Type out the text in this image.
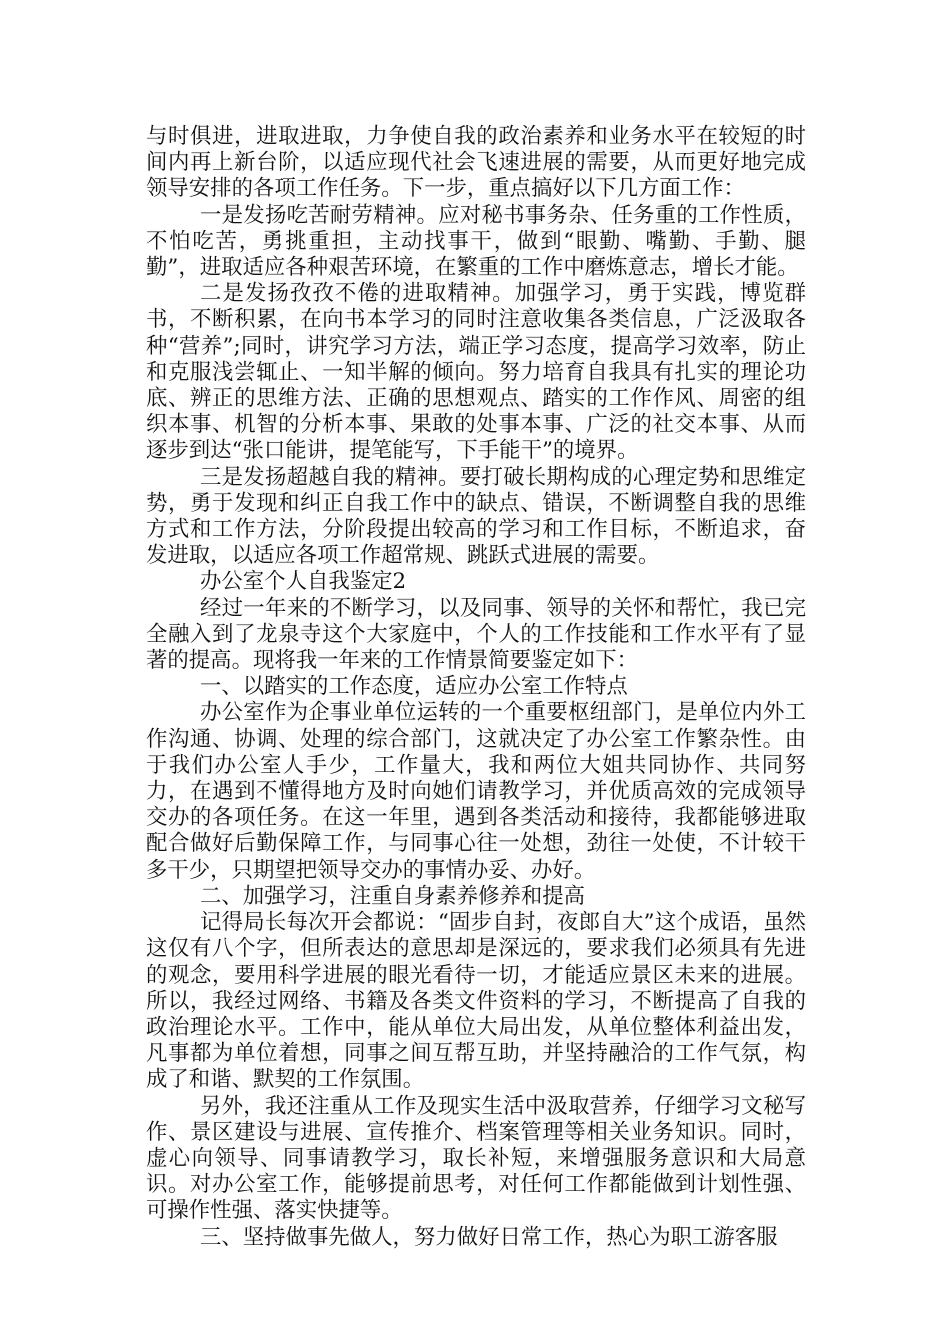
与时俱进，进取进取，力争使自我的政治素养和业务水平在较短的时间内再上新台阶，以适应现代社会飞速进展的需要，从而更好地完成领导安排的各项工作任务。下一步，重点搞好以下几方面工作：

一是发扬吃苦耐劳精神。应对秘书事务杂、任务重的工作性质，不怕吃苦，勇挑重担，主动找事干，做到“眼勤、嘴勤、手勤、腿勤”，进取适应各种艰苦环境，在繁重的工作中磨炼意志，增长才能。

二是发扬孜孜不倦的进取精神。加强学习，勇于实践，博览群书，不断积累，在向书本学习的同时注意收集各类信息，广泛汲取各种“营养”;同时，讲究学习方法，端正学习态度，提高学习效率，防止和克服浅尝辄止、一知半解的倾向。努力培育自我具有扎实的理论功底、辨正的思维方法、正确的思想观点、踏实的工作作风、周密的组织本事、机智的分析本事、果敢的处事本事、广泛的社交本事、从而逐步到达“张口能讲，提笔能写，下手能干”的境界。

三是发扬超越自我的精神。要打破长期构成的心理定势和思维定势，勇于发现和纠正自我工作中的缺点、错误，不断调整自我的思维方式和工作方法，分阶段提出较高的学习和工作目标，不断追求，奋发进取，以适应各项工作超常规、跳跃式进展的需要。

办公室个人自我鉴定2

经过一年来的不断学习，以及同事、领导的关怀和帮忙，我已完全融入到了龙泉寺这个大家庭中，个人的工作技能和工作水平有了显著的提高。现将我一年来的工作情景简要鉴定如下：

一、以踏实的工作态度，适应办公室工作特点

办公室作为企事业单位运转的一个重要枢纽部门，是单位内外工作沟通、协调、处理的综合部门，这就决定了办公室工作繁杂性。由于我们办公室人手少，工作量大，我和两位大姐共同协作、共同努力，在遇到不懂得地方及时向她们请教学习，并优质高效的完成领导交办的各项任务。在这一年里，遇到各类活动和接待，我都能够进取配合做好后勤保障工作，与同事心往一处想，劲往一处使，不计较干多干少，只期望把领导交办的事情办妥、办好。

二、加强学习，注重自身素养修养和提高

记得局长每次开会都说：“固步自封，夜郎自大”这个成语，虽然这仅有八个字，但所表达的意思却是深远的，要求我们必须具有先进的观念，要用科学进展的眼光看待一切，才能适应景区未来的进展。所以，我经过网络、书籍及各类文件资料的学习，不断提高了自我的政治理论水平。工作中，能从单位大局出发，从单位整体利益出发，凡事都为单位着想，同事之间互帮互助，并坚持融洽的工作气氛，构成了和谐、默契的工作氛围。

另外，我还注重从工作及现实生活中汲取营养，仔细学习文秘写作、景区建设与进展、宣传推介、档案管理等相关业务知识。同时，虚心向领导、同事请教学习，取长补短，来增强服务意识和大局意识。对办公室工作，能够提前思考，对任何工作都能做到计划性强、可操作性强、落实快捷等。

三、坚持做事先做人，努力做好日常工作，热心为职工游客服
